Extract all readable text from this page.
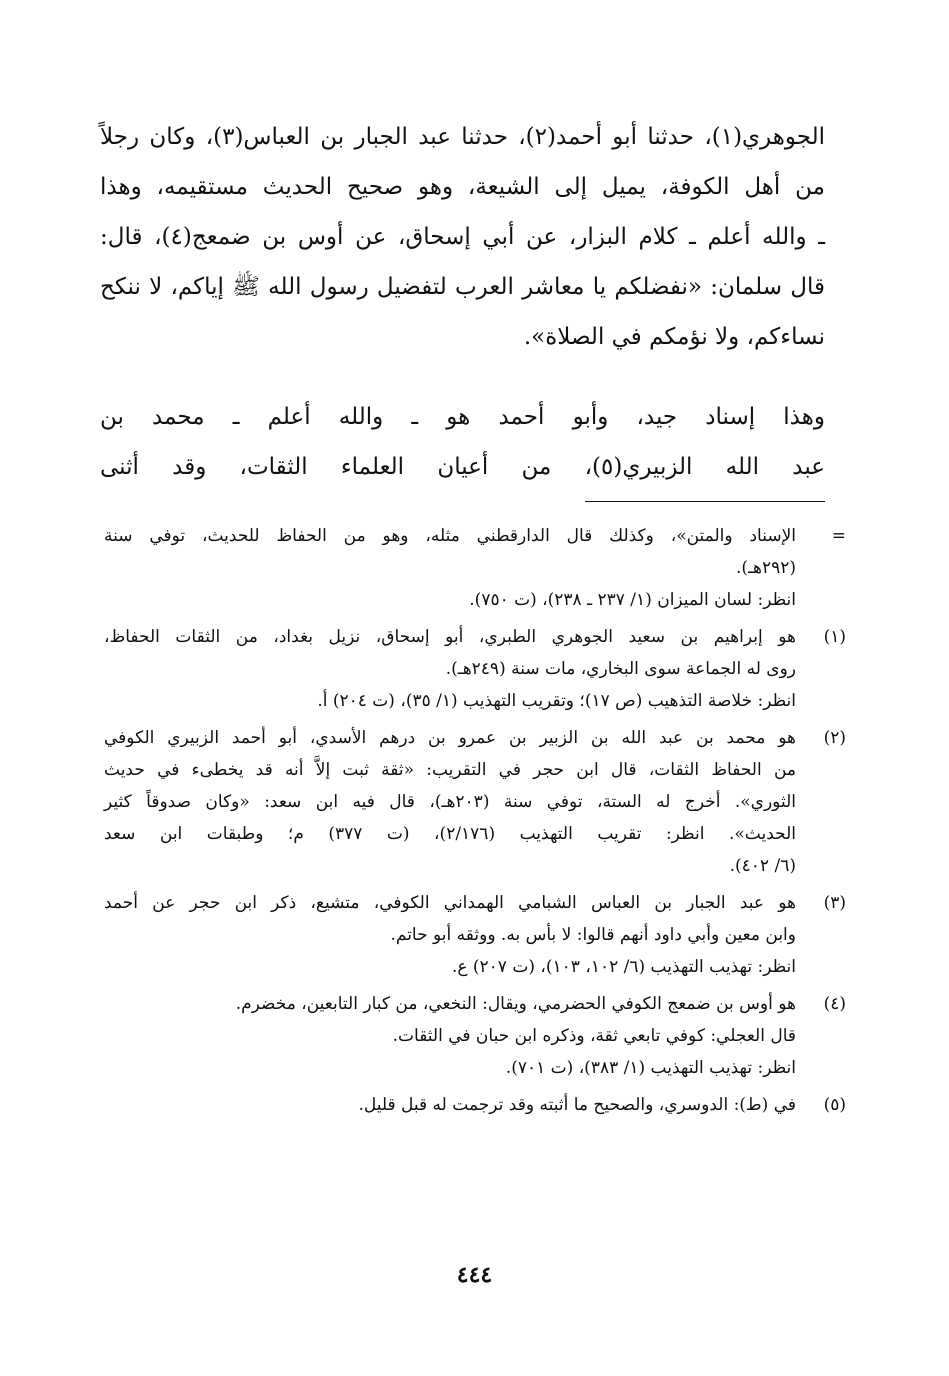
الجوهري(١)، حدثنا أبو أحمد(٢)، حدثنا عبد الجبار بن العباس(٣)، وكان رجلاً
من أهل الكوفة، يميل إلى الشيعة، وهو صحيح الحديث مستقيمه، وهذا
ـ والله أعلم ـ كلام البزار، عن أبي إسحاق، عن أوس بن ضمعج(٤)، قال:
قال سلمان: «نفضلكم يا معاشر العرب لتفضيل رسول الله ﷺ إياكم، لا ننكح
نساءكم، ولا نؤمكم في الصلاة».
وهذا إسناد جيد، وأبو أحمد هو ـ والله أعلم ـ محمد بن
عبد الله الزبيري(٥)، من أعيان العلماء الثقات، وقد أثنى
=
الإسناد والمتن»، وكذلك قال الدارقطني مثله، وهو من الحفاظ للحديث، توفي سنة
(٢٩٢هـ).
انظر: لسان الميزان (١/ ٢٣٧ ـ ٢٣٨)، (ت ٧٥٠).
(١)
هو إبراهيم بن سعيد الجوهري الطبري، أبو إسحاق، نزيل بغداد، من الثقات الحفاظ،
روى له الجماعة سوى البخاري، مات سنة (٢٤٩هـ).
انظر: خلاصة التذهيب (ص ١٧)؛ وتقريب التهذيب (١/ ٣٥)، (ت ٢٠٤) أ.
(٢)
هو محمد بن عبد الله بن الزبير بن عمرو بن درهم الأسدي، أبو أحمد الزبيري الكوفي
من الحفاظ الثقات، قال ابن حجر في التقريب: «ثقة ثبت إلاَّ أنه قد يخطىء في حديث
الثوري». أخرج له الستة، توفي سنة (٢٠٣هـ)، قال فيه ابن سعد: «وكان صدوقاً كثير
الحديث». انظر: تقريب التهذيب (٢/١٧٦)، (ت ٣٧٧) م؛ وطبقات ابن سعد
(٦/ ٤٠٢).
(٣)
هو عبد الجبار بن العباس الشبامي الهمداني الكوفي، متشيع، ذكر ابن حجر عن أحمد
وابن معين وأبي داود أنهم قالوا: لا بأس به. ووثقه أبو حاتم.
انظر: تهذيب التهذيب (٦/ ١٠٢، ١٠٣)، (ت ٢٠٧) ع.
(٤)
هو أوس بن ضمعج الكوفي الحضرمي، ويقال: النخعي، من كبار التابعين، مخضرم.
قال العجلي: كوفي تابعي ثقة، وذكره ابن حبان في الثقات.
انظر: تهذيب التهذيب (١/ ٣٨٣)، (ت ٧٠١).
(٥)
في (ط): الدوسري، والصحيح ما أثبته وقد ترجمت له قبل قليل.
٤٤٤
